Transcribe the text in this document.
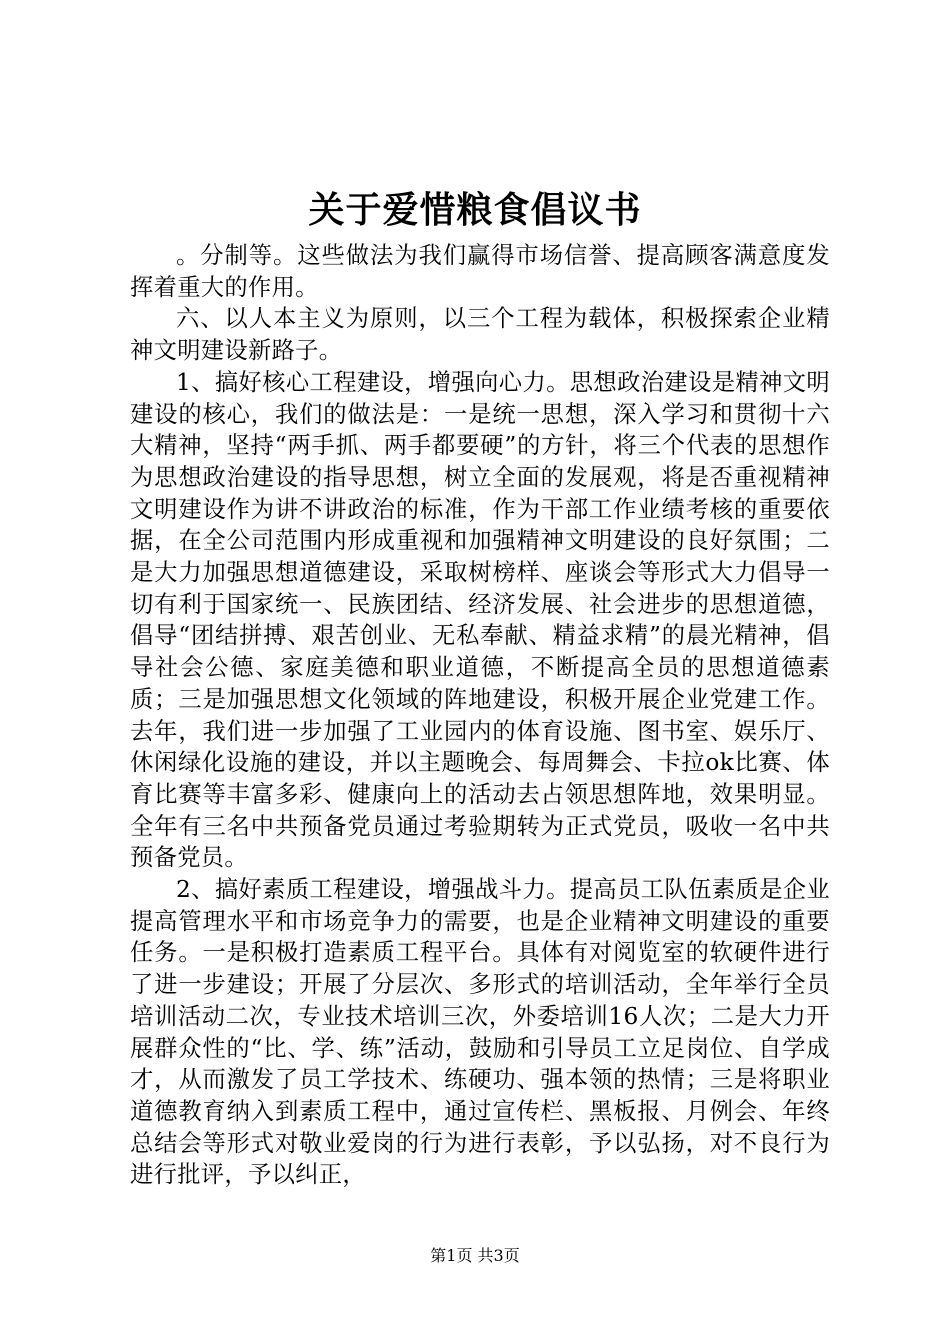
关于爱惜粮食倡议书

。分制等。这些做法为我们赢得市场信誉、提高顾客满意度发挥着重大的作用。

六、以人本主义为原则，以三个工程为载体，积极探索企业精神文明建设新路子。

1、搞好核心工程建设，增强向心力。思想政治建设是精神文明建设的核心，我们的做法是：一是统一思想，深入学习和贯彻十六大精神，坚持“两手抓、两手都要硬”的方针，将三个代表的思想作为思想政治建设的指导思想，树立全面的发展观，将是否重视精神文明建设作为讲不讲政治的标准，作为干部工作业绩考核的重要依据，在全公司范围内形成重视和加强精神文明建设的良好氛围；二是大力加强思想道德建设，采取树榜样、座谈会等形式大力倡导一切有利于国家统一、民族团结、经济发展、社会进步的思想道德，倡导“团结拼搏、艰苦创业、无私奉献、精益求精”的晨光精神，倡导社会公德、家庭美德和职业道德，不断提高全员的思想道德素质；三是加强思想文化领域的阵地建设，积极开展企业党建工作。去年，我们进一步加强了工业园内的体育设施、图书室、娱乐厅、休闲绿化设施的建设，并以主题晚会、每周舞会、卡拉ok比赛、体育比赛等丰富多彩、健康向上的活动去占领思想阵地，效果明显。全年有三名中共预备党员通过考验期转为正式党员，吸收一名中共预备党员。

2、搞好素质工程建设，增强战斗力。提高员工队伍素质是企业提高管理水平和市场竞争力的需要，也是企业精神文明建设的重要任务。一是积极打造素质工程平台。具体有对阅览室的软硬件进行了进一步建设；开展了分层次、多形式的培训活动，全年举行全员培训活动二次，专业技术培训三次，外委培训16人次；二是大力开展群众性的“比、学、练”活动，鼓励和引导员工立足岗位、自学成才，从而激发了员工学技术、练硬功、强本领的热情；三是将职业道德教育纳入到素质工程中，通过宣传栏、黑板报、月例会、年终总结会等形式对敬业爱岗的行为进行表彰，予以弘扬，对不良行为进行批评，予以纠正，

第1页 共3页
